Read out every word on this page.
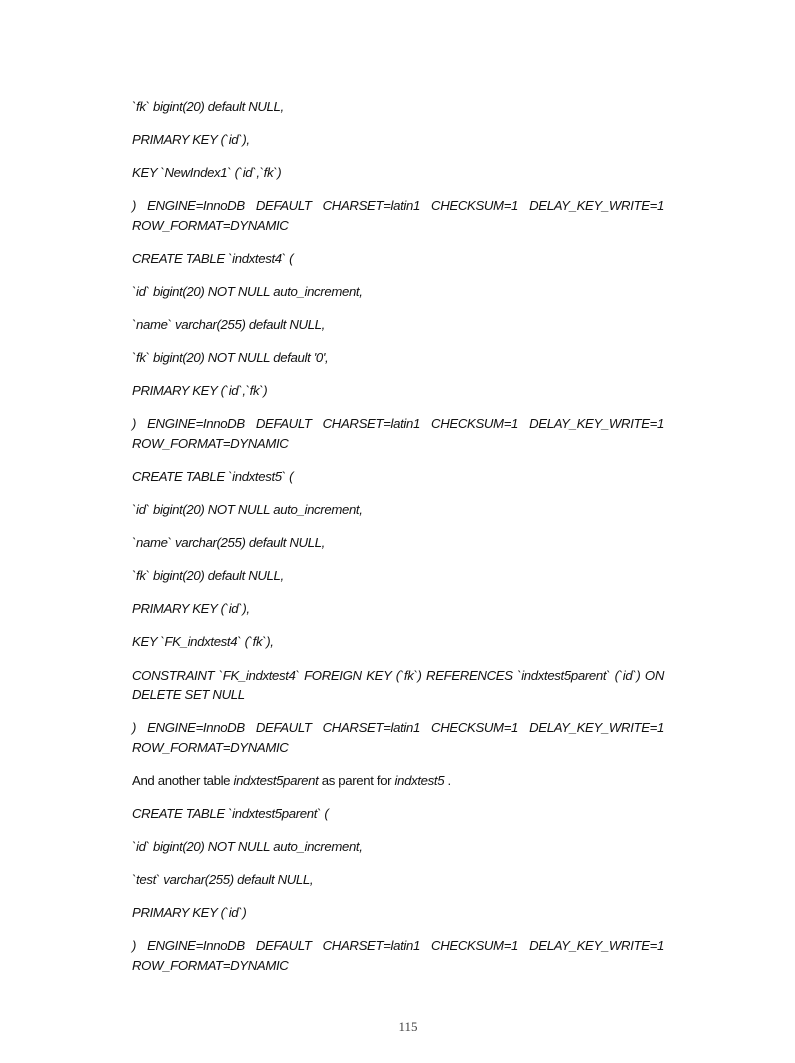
`fk` bigint(20) default NULL,

PRIMARY KEY (`id`),

KEY `NewIndex1` (`id`,`fk`)

) ENGINE=InnoDB DEFAULT CHARSET=latin1 CHECKSUM=1 DELAY_KEY_WRITE=1 ROW_FORMAT=DYNAMIC

CREATE TABLE `indxtest4` (

`id` bigint(20) NOT NULL auto_increment,

`name` varchar(255) default NULL,

`fk` bigint(20) NOT NULL default '0',

PRIMARY KEY (`id`,`fk`)

) ENGINE=InnoDB DEFAULT CHARSET=latin1 CHECKSUM=1 DELAY_KEY_WRITE=1 ROW_FORMAT=DYNAMIC

CREATE TABLE `indxtest5` (

`id` bigint(20) NOT NULL auto_increment,

`name` varchar(255) default NULL,

`fk` bigint(20) default NULL,

PRIMARY KEY (`id`),

KEY `FK_indxtest4` (`fk`),

CONSTRAINT `FK_indxtest4` FOREIGN KEY (`fk`) REFERENCES `indxtest5parent` (`id`) ON DELETE SET NULL

) ENGINE=InnoDB DEFAULT CHARSET=latin1 CHECKSUM=1 DELAY_KEY_WRITE=1 ROW_FORMAT=DYNAMIC

And another table indxtest5parent as parent for indxtest5 .

CREATE TABLE `indxtest5parent` (

`id` bigint(20) NOT NULL auto_increment,

`test` varchar(255) default NULL,

PRIMARY KEY (`id`)

) ENGINE=InnoDB DEFAULT CHARSET=latin1 CHECKSUM=1 DELAY_KEY_WRITE=1 ROW_FORMAT=DYNAMIC

115
